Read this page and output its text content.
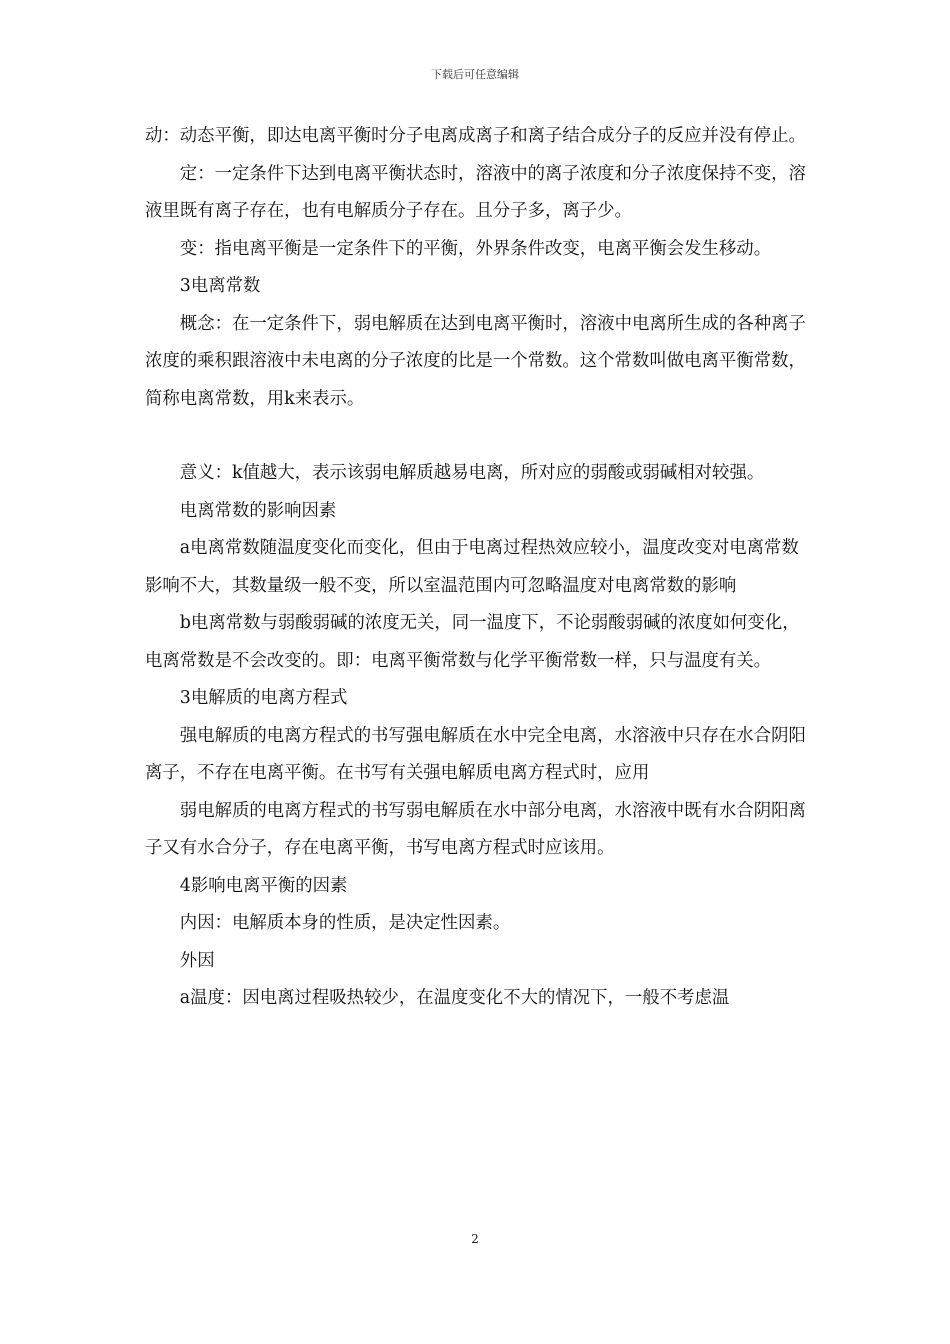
下载后可任意编辑

动：动态平衡，即达电离平衡时分子电离成离子和离子结合成分子的反应并没有停止。

定：一定条件下达到电离平衡状态时，溶液中的离子浓度和分子浓度保持不变，溶液里既有离子存在，也有电解质分子存在。且分子多，离子少。

变：指电离平衡是一定条件下的平衡，外界条件改变，电离平衡会发生移动。

3电离常数

概念：在一定条件下，弱电解质在达到电离平衡时，溶液中电离所生成的各种离子浓度的乘积跟溶液中未电离的分子浓度的比是一个常数。这个常数叫做电离平衡常数，简称电离常数，用k来表示。

意义：k值越大，表示该弱电解质越易电离，所对应的弱酸或弱碱相对较强。

电离常数的影响因素

a电离常数随温度变化而变化，但由于电离过程热效应较小，温度改变对电离常数影响不大，其数量级一般不变，所以室温范围内可忽略温度对电离常数的影响

b电离常数与弱酸弱碱的浓度无关，同一温度下，不论弱酸弱碱的浓度如何变化，电离常数是不会改变的。即：电离平衡常数与化学平衡常数一样，只与温度有关。

3电解质的电离方程式

强电解质的电离方程式的书写强电解质在水中完全电离，水溶液中只存在水合阴阳离子，不存在电离平衡。在书写有关强电解质电离方程式时，应用

弱电解质的电离方程式的书写弱电解质在水中部分电离，水溶液中既有水合阴阳离子又有水合分子，存在电离平衡，书写电离方程式时应该用。

4影响电离平衡的因素

内因：电解质本身的性质，是决定性因素。

外因

a温度：因电离过程吸热较少，在温度变化不大的情况下，一般不考虑温

2
